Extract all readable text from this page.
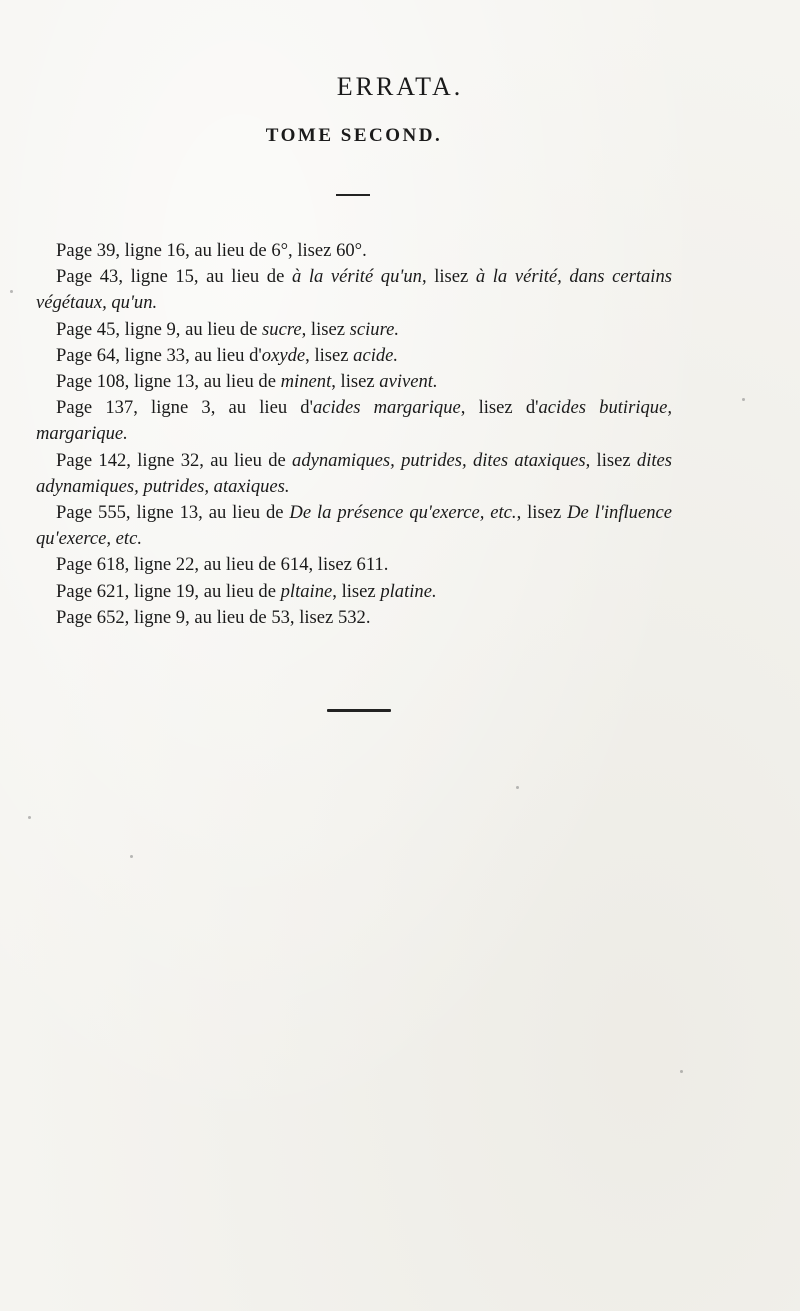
ERRATA.
TOME SECOND.
Page 39, ligne 16, au lieu de 6°, lisez 60°.
Page 43, ligne 15, au lieu de à la vérité qu'un, lisez à la vérité, dans certains végétaux, qu'un.
Page 45, ligne 9, au lieu de sucre, lisez sciure.
Page 64, ligne 33, au lieu d'oxyde, lisez acide.
Page 108, ligne 13, au lieu de minent, lisez avivent.
Page 137, ligne 3, au lieu d'acides margarique, lisez d'acides butirique, margarique.
Page 142, ligne 32, au lieu de adynamiques, putrides, dites ataxiques, lisez dites adynamiques, putrides, ataxiques.
Page 555, ligne 13, au lieu de De la présence qu'exerce, etc., lisez De l'influence qu'exerce, etc.
Page 618, ligne 22, au lieu de 614, lisez 611.
Page 621, ligne 19, au lieu de pltaine, lisez platine.
Page 652, ligne 9, au lieu de 53, lisez 532.
